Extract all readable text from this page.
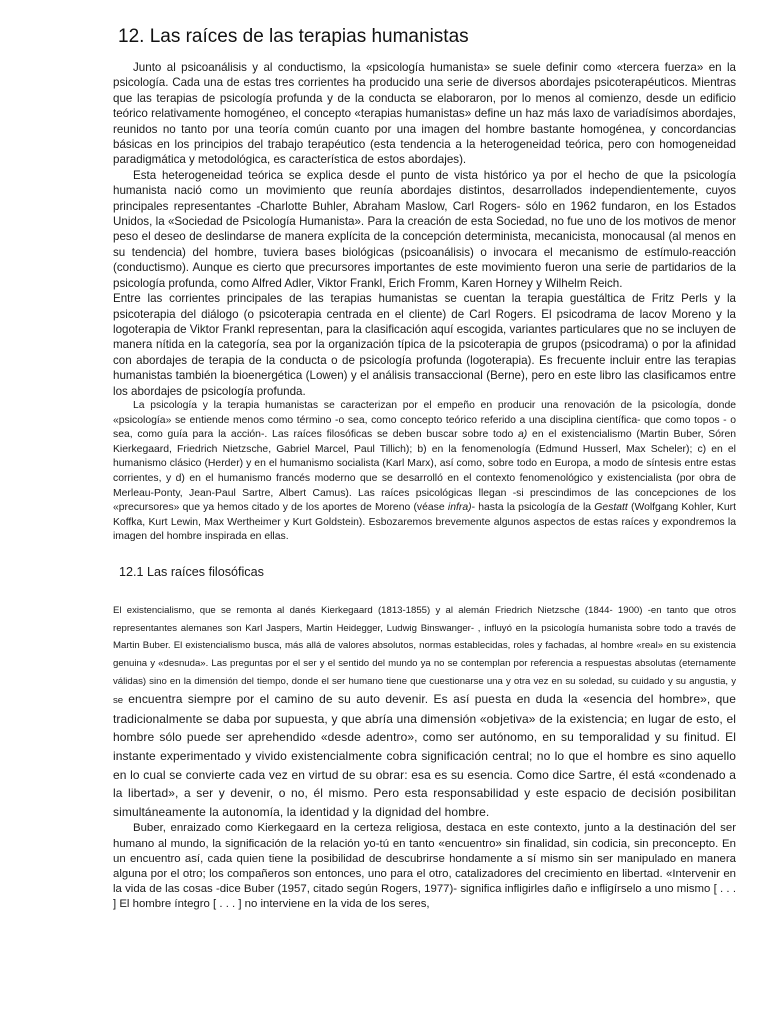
12. Las raíces de las terapias humanistas

Junto al psicoanálisis y al conductismo, la «psicología humanista» se suele definir como «tercera fuerza» en la psicología. Cada una de estas tres corrientes ha producido una serie de diversos abordajes psicoterapéuticos. Mientras que las terapias de psicología profunda y de la conducta se elaboraron, por lo menos al comienzo, desde un edificio teórico relativamente homogéneo, el concepto «terapias humanistas» define un haz más laxo de variadísimos abordajes, reunidos no tanto por una teoría común cuanto por una imagen del hombre bastante homogénea, y concordancias básicas en los principios del trabajo terapéutico (esta tendencia a la heterogeneidad teórica, pero con homogeneidad paradigmática y metodológica, es característica de estos abordajes).

Esta heterogeneidad teórica se explica desde el punto de vista histórico ya por el hecho de que la psicología humanista nació como un movimiento que reunía abordajes distintos, desarrollados independientemente, cuyos principales representantes -Charlotte Buhler, Abraham Maslow, Carl Rogers- sólo en 1962 fundaron, en los Estados Unidos, la «Sociedad de Psicología Humanista». Para la creación de esta Sociedad, no fue uno de los motivos de menor peso el deseo de deslindarse de manera explícita de la concepción determinista, mecanicista, monocausal (al menos en su tendencia) del hombre, tuviera bases biológicas (psicoanálisis) o invocara el mecanismo de estímulo-reacción (conductismo). Aunque es cierto que precursores importantes de este movimiento fueron una serie de partidarios de la psicología profunda, como Alfred Adler, Viktor Frankl, Erich Fromm, Karen Horney y Wilhelm Reich.

Entre las corrientes principales de las terapias humanistas se cuentan la terapia guestáltica de Fritz Perls y la psicoterapia del diálogo (o psicoterapia centrada en el cliente) de Carl Rogers. El psicodrama de lacov Moreno y la logoterapia de Viktor Frankl representan, para la clasificación aquí escogida, variantes particulares que no se incluyen de manera nítida en la categoría, sea por la organización típica de la psicoterapia de grupos (psicodrama) o por la afinidad con abordajes de terapia de la conducta o de psicología profunda (logoterapia). Es frecuente incluir entre las terapias humanistas también la bioenergética (Lowen) y el análisis transaccional (Berne), pero en este libro las clasificamos entre los abordajes de psicología profunda.

La psicología y la terapia humanistas se caracterizan por el empeño en producir una renovación de la psicología, donde «psicología» se entiende menos como término -o sea, como concepto teórico referido a una disciplina científica- que como topos - o sea, como guía para la acción-. Las raíces filosóficas se deben buscar sobre todo a) en el existencialismo (Martin Buber, Sóren Kierkegaard, Friedrich Nietzsche, Gabriel Marcel, Paul Tillich); b) en la fenomenología (Edmund Husserl, Max Scheler); c) en el humanismo clásico (Herder) y en el humanismo socialista (Karl Marx), así como, sobre todo en Europa, a modo de síntesis entre estas corrientes, y d) en el humanismo francés moderno que se desarrolló en el contexto fenomenológico y existencialista (por obra de Merleau-Ponty, Jean-Paul Sartre, Albert Camus). Las raíces psicológicas llegan -si prescindimos de las concepciones de los «precursores» que ya hemos citado y de los aportes de Moreno (véase infra)- hasta la psicología de la Gestatt (Wolfgang Kohler, Kurt Koffka, Kurt Lewin, Max Wertheimer y Kurt Goldstein). Esbozaremos brevemente algunos aspectos de estas raíces y expondremos la imagen del hombre inspirada en ellas.

12.1 Las raíces filosóficas

El existencialismo, que se remonta al danés Kierkegaard (1813-1855) y al alemán Friedrich Nietzsche (1844- 1900) -en tanto que otros representantes alemanes son Karl Jaspers, Martin Heidegger, Ludwig Binswanger- , influyó en la psicología humanista sobre todo a través de Martin Buber. El existencialismo busca, más allá de valores absolutos, normas establecidas, roles y fachadas, al hombre «real» en su existencia genuina y «desnuda». Las preguntas por el ser y el sentido del mundo ya no se contemplan por referencia a respuestas absolutas (eternamente válidas) sino en la dimensión del tiempo, donde el ser humano tiene que cuestionarse una y otra vez en su soledad, su cuidado y su angustia, y se encuentra siempre por el camino de su auto devenir. Es así puesta en duda la «esencia del hombre», que tradicionalmente se daba por supuesta, y que abría una dimensión «objetiva» de la existencia; en lugar de esto, el hombre sólo puede ser aprehendido «desde adentro», como ser autónomo, en su temporalidad y su finitud. El instante experimentado y vivido existencialmente cobra significación central; no lo que el hombre es sino aquello en lo cual se convierte cada vez en virtud de su obrar: esa es su esencia. Como dice Sartre, él está «condenado a la libertad», a ser y devenir, o no, él mismo. Pero esta responsabilidad y este espacio de decisión posibilitan simultáneamente la autonomía, la identidad y la dignidad del hombre.

Buber, enraizado como Kierkegaard en la certeza religiosa, destaca en este contexto, junto a la destinación del ser humano al mundo, la significación de la relación yo-tú en tanto «encuentro» sin finalidad, sin codicia, sin preconcepto. En un encuentro así, cada quien tiene la posibilidad de descubrirse hondamente a sí mismo sin ser manipulado en manera alguna por el otro; los compañeros son entonces, uno para el otro, catalizadores del crecimiento en libertad. «Intervenir en la vida de las cosas -dice Buber (1957, citado según Rogers, 1977)- significa infligirles daño e infligírselo a uno mismo [ . . . ] El hombre íntegro [ . . . ] no interviene en la vida de los seres,
